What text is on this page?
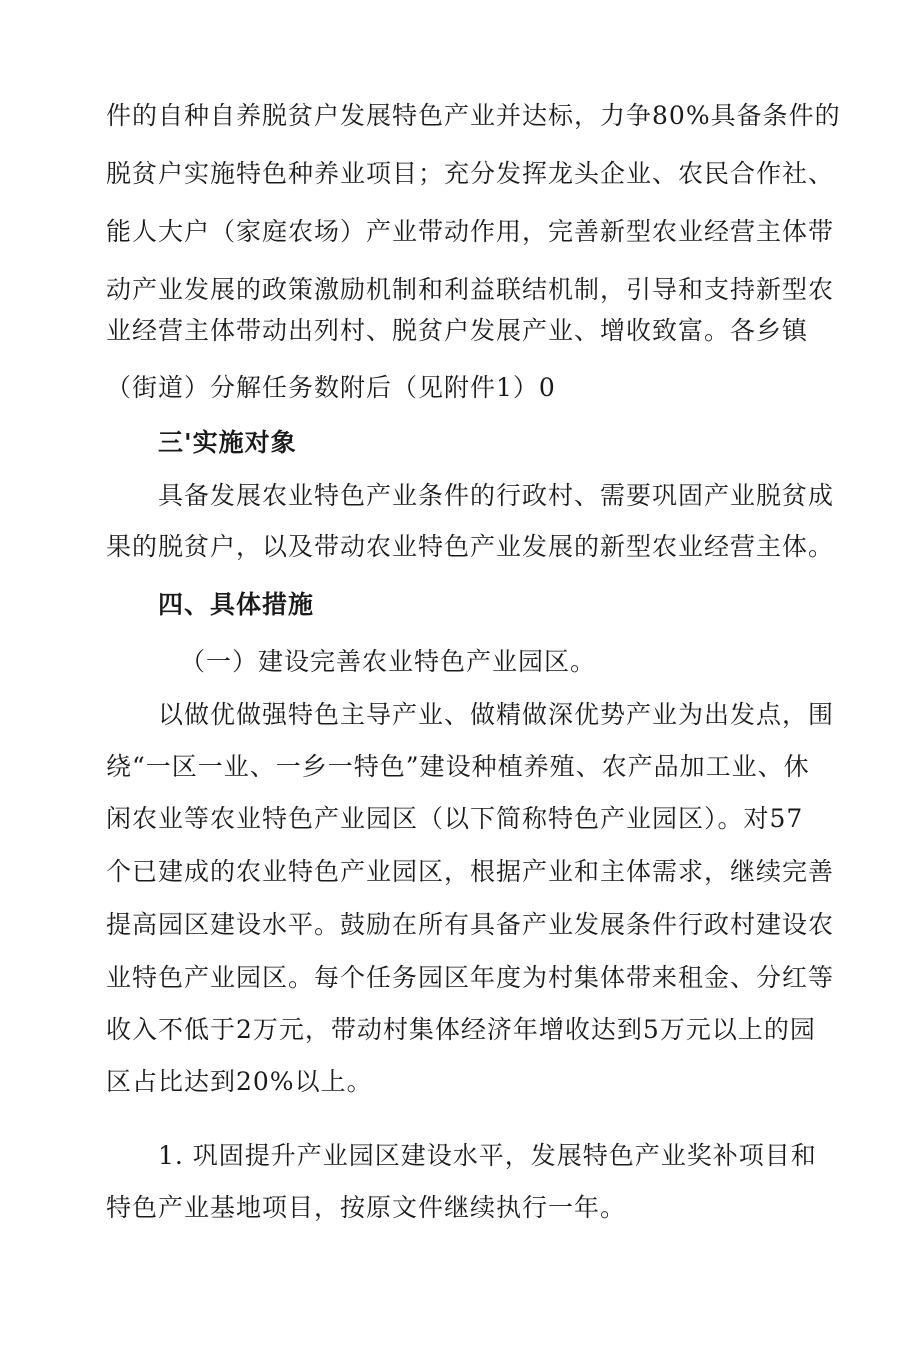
件的自种自养脱贫户发展特色产业并达标，力争80%具备条件的
脱贫户实施特色种养业项目；充分发挥龙头企业、农民合作社、
能人大户（家庭农场）产业带动作用，完善新型农业经营主体带
动产业发展的政策激励机制和利益联结机制，引导和支持新型农
业经营主体带动出列村、脱贫户发展产业、增收致富。各乡镇
（街道）分解任务数附后（见附件1）0
三'实施对象
具备发展农业特色产业条件的行政村、需要巩固产业脱贫成
果的脱贫户，以及带动农业特色产业发展的新型农业经营主体。
四、具体措施
（一）建设完善农业特色产业园区。
以做优做强特色主导产业、做精做深优势产业为出发点，围
绕“一区一业、一乡一特色”建设种植养殖、农产品加工业、休
闲农业等农业特色产业园区（以下简称特色产业园区）。对57
个已建成的农业特色产业园区，根据产业和主体需求，继续完善
提高园区建设水平。鼓励在所有具备产业发展条件行政村建设农
业特色产业园区。每个任务园区年度为村集体带来租金、分红等
收入不低于2万元，带动村集体经济年增收达到5万元以上的园
区占比达到20%以上。
1. 巩固提升产业园区建设水平，发展特色产业奖补项目和
特色产业基地项目，按原文件继续执行一年。
